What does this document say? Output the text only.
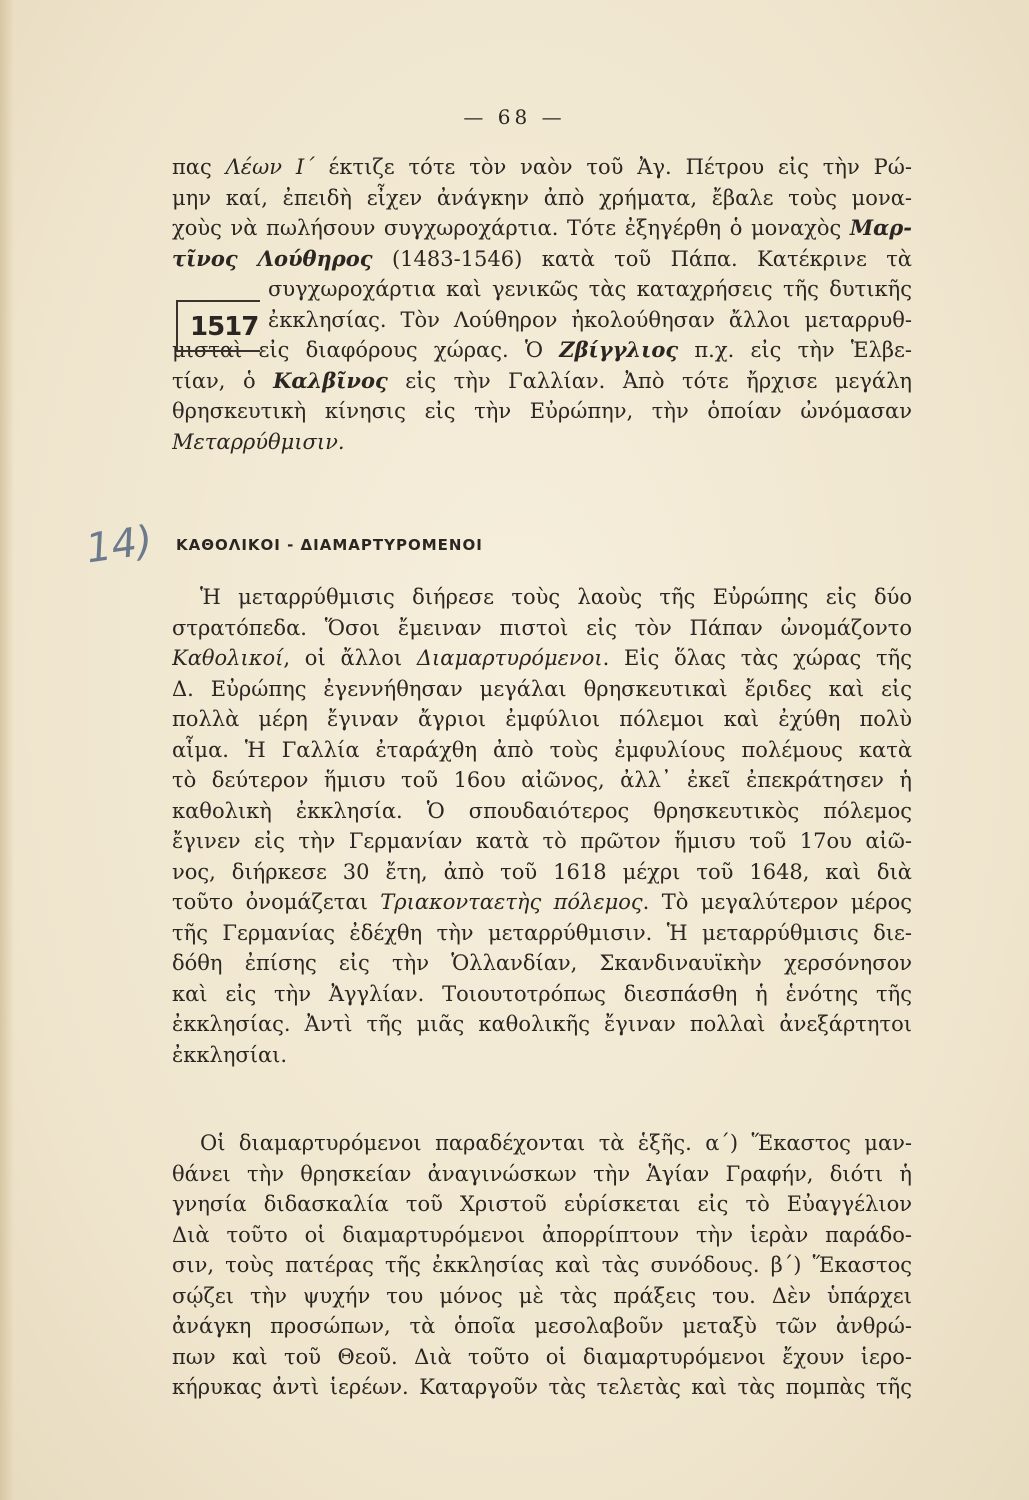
— 68 —
πας Λέων Ι΄ έκτιζε τότε τὸν ναὸν τοῦ Ἀγ. Πέτρου εἰς τὴν Ρώ-
μην καί, ἐπειδὴ εἶχεν ἀνάγκην ἀπὸ χρήματα, ἔβαλε τοὺς μονα-
χοὺς νὰ πωλήσουν συγχωροχάρτια. Τότε ἐξηγέρθη ὁ μοναχὸς Μαρ-
τῖνος Λούθηρος (1483-1546) κατὰ τοῦ Πάπα. Κατέκρινε τὰ
συγχωροχάρτια καὶ γενικῶς τὰς καταχρήσεις τῆς δυτικῆς
ἐκκλησίας. Τὸν Λούθηρον ἠκολούθησαν ἄλλοι μεταρρυθ-
μισταὶ εἰς διαφόρους χώρας. Ὁ Ζβίγγλιος π.χ. εἰς τὴν Ἑλβε-
τίαν, ὁ Καλβῖνος εἰς τὴν Γαλλίαν. Ἀπὸ τότε ἤρχισε μεγάλη
θρησκευτικὴ κίνησις εἰς τὴν Εὐρώπην, τὴν ὁποίαν ὠνόμασαν
Μεταρρύθμισιν.
1517
14) ΚΑΘΟΛΙΚΟΙ - ΔΙΑΜΑΡΤΥΡΟΜΕΝΟΙ
Ἡ μεταρρύθμισις διήρεσε τοὺς λαοὺς τῆς Εὐρώπης εἰς δύο
στρατόπεδα. Ὅσοι ἔμειναν πιστοὶ εἰς τὸν Πάπαν ὠνομάζοντο
Καθολικοί, οἱ ἄλλοι Διαμαρτυρόμενοι. Εἰς ὅλας τὰς χώρας τῆς
Δ. Εὐρώπης ἐγεννήθησαν μεγάλαι θρησκευτικαὶ ἔριδες καὶ εἰς
πολλὰ μέρη ἔγιναν ἄγριοι ἐμφύλιοι πόλεμοι καὶ ἐχύθη πολὺ
αἷμα. Ἡ Γαλλία ἐταράχθη ἀπὸ τοὺς ἐμφυλίους πολέμους κατὰ
τὸ δεύτερον ἥμισυ τοῦ 16ου αἰῶνος, ἀλλ᾽ ἐκεῖ ἐπεκράτησεν ἡ
καθολικὴ ἐκκλησία. Ὁ σπουδαιότερος θρησκευτικὸς πόλεμος
ἔγινεν εἰς τὴν Γερμανίαν κατὰ τὸ πρῶτον ἥμισυ τοῦ 17ου αἰῶ-
νος, διήρκεσε 30 ἔτη, ἀπὸ τοῦ 1618 μέχρι τοῦ 1648, καὶ διὰ
τοῦτο ὀνομάζεται Τριακονταετὴς πόλεμος. Τὸ μεγαλύτερον μέρος
τῆς Γερμανίας ἐδέχθη τὴν μεταρρύθμισιν. Ἡ μεταρρύθμισις διε-
δόθη ἐπίσης εἰς τὴν Ὁλλανδίαν, Σκανδιναυϊκὴν χερσόνησον
καὶ εἰς τὴν Ἀγγλίαν. Τοιουτοτρόπως διεσπάσθη ἡ ἑνότης τῆς
ἐκκλησίας. Ἀντὶ τῆς μιᾶς καθολικῆς ἔγιναν πολλαὶ ἀνεξάρτητοι
ἐκκλησίαι.
Οἱ διαμαρτυρόμενοι παραδέχονται τὰ ἑξῆς. α΄) Ἕκαστος μαν-
θάνει τὴν θρησκείαν ἀναγινώσκων τὴν Ἁγίαν Γραφήν, διότι ἡ
γνησία διδασκαλία τοῦ Χριστοῦ εὑρίσκεται εἰς τὸ Εὐαγγέλιον
Διὰ τοῦτο οἱ διαμαρτυρόμενοι ἀπορρίπτουν τὴν ἱερὰν παράδο-
σιν, τοὺς πατέρας τῆς ἐκκλησίας καὶ τὰς συνόδους. β΄) Ἕκαστος
σῴζει τὴν ψυχήν του μόνος μὲ τὰς πράξεις του. Δὲν ὑπάρχει
ἀνάγκη προσώπων, τὰ ὁποῖα μεσολαβοῦν μεταξὺ τῶν ἀνθρώ-
πων καὶ τοῦ Θεοῦ. Διὰ τοῦτο οἱ διαμαρτυρόμενοι ἔχουν ἱερο-
κήρυκας ἀντὶ ἱερέων. Καταργοῦν τὰς τελετὰς καὶ τὰς πομπὰς τῆς
